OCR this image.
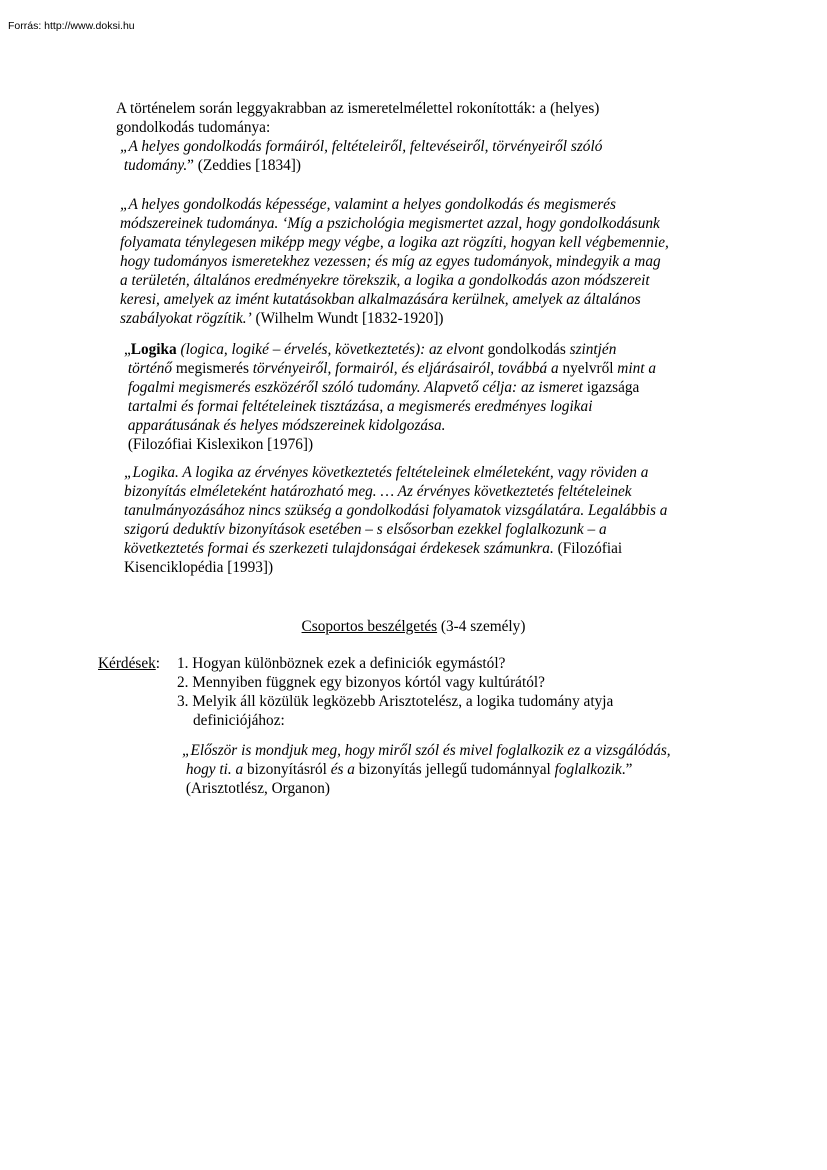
Forrás: http://www.doksi.hu

A történelem során leggyakrabban az ismeretelmélettel rokonították: a (helyes)

gondolkodás tudománya:

„A helyes gondolkodás formáiról, feltételeiről, feltevéseiről, törvényeiről szóló

tudomány.” (Zeddies [1834])

„A helyes gondolkodás képessége, valamint a helyes gondolkodás és megismerés

módszereinek tudománya. ‘Míg a pszichológia megismertet azzal, hogy gondolkodásunk

folyamata ténylegesen miképp megy végbe, a logika azt rögzíti, hogyan kell végbemennie,

hogy tudományos ismeretekhez vezessen; és míg az egyes tudományok, mindegyik a mag

a területén, általános eredményekre törekszik, a logika a gondolkodás azon módszereit

keresi, amelyek az imént kutatásokban alkalmazására kerülnek, amelyek az általános

szabályokat rögzítik.’ (Wilhelm Wundt [1832-1920])

„Logika (logica, logiké – érvelés, következtetés): az elvont gondolkodás szintjén

történő megismerés törvényeiről, formairól, és eljárásairól, továbbá a nyelvről mint a

fogalmi megismerés eszközéről szóló tudomány. Alapvető célja: az ismeret igazsága

tartalmi és formai feltételeinek tisztázása, a megismerés eredményes logikai

apparátusának és helyes módszereinek kidolgozása.

(Filozófiai Kislexikon [1976])

„Logika. A logika az érvényes következtetés feltételeinek elméleteként, vagy röviden a

bizonyítás elméleteként határozható meg. … Az érvényes következtetés feltételeinek

tanulmányozásához nincs szükség a gondolkodási folyamatok vizsgálatára. Legalábbis a

szigorú deduktív bizonyítások esetében – s elsősorban ezekkel foglalkozunk – a

következtetés formai és szerkezeti tulajdonságai érdekesek számunkra. (Filozófiai

Kisenciklopédia [1993])

Csoportos beszélgetés (3-4 személy)
Kérdések: 1. Hogyan különböznek ezek a definiciók egymástól?

2. Mennyiben függnek egy bizonyos kórtól vagy kultúrától?

3. Melyik áll közülük legközebb Arisztotelész, a logika tudomány atyja

definiciójához:

„Először is mondjuk meg, hogy miről szól és mivel foglalkozik ez a vizsgálódás,

hogy ti. a bizonyításról és a bizonyítás jellegű tudománnyal foglalkozik.”

(Arisztotlész, Organon)
